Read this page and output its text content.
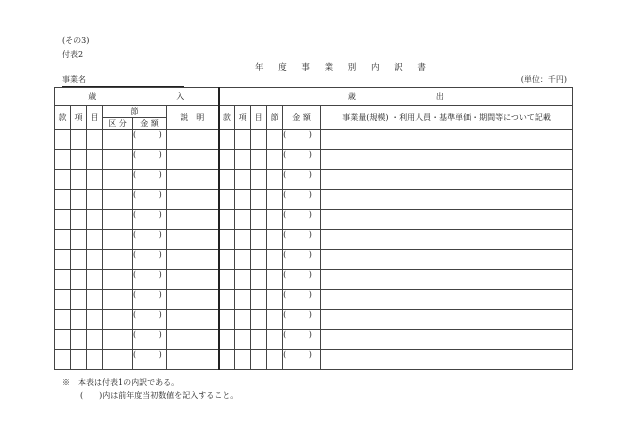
(その3)
付表2
年 度 事 業 別 内 訳 書
事業名	(単位：千円)
歳　　　入						歳　　　出					
款	項	目	節		説　明	款	項	目	節	金 額	事業量(規模) ・利用人員・基準単価・期間等について記載
			区 分	金 額							
				( )						( )	
				( )						( )	
				( )						( )	
				( )						( )	
				( )						( )	
				( )						( )	
				( )						( )	
				( )						( )	
				( )						( )	
				( )						( )	
				( )						( )	
				( )						( )	
※　本表は付表1の内訳である。
(　　)内は前年度当初数値を記入すること。
